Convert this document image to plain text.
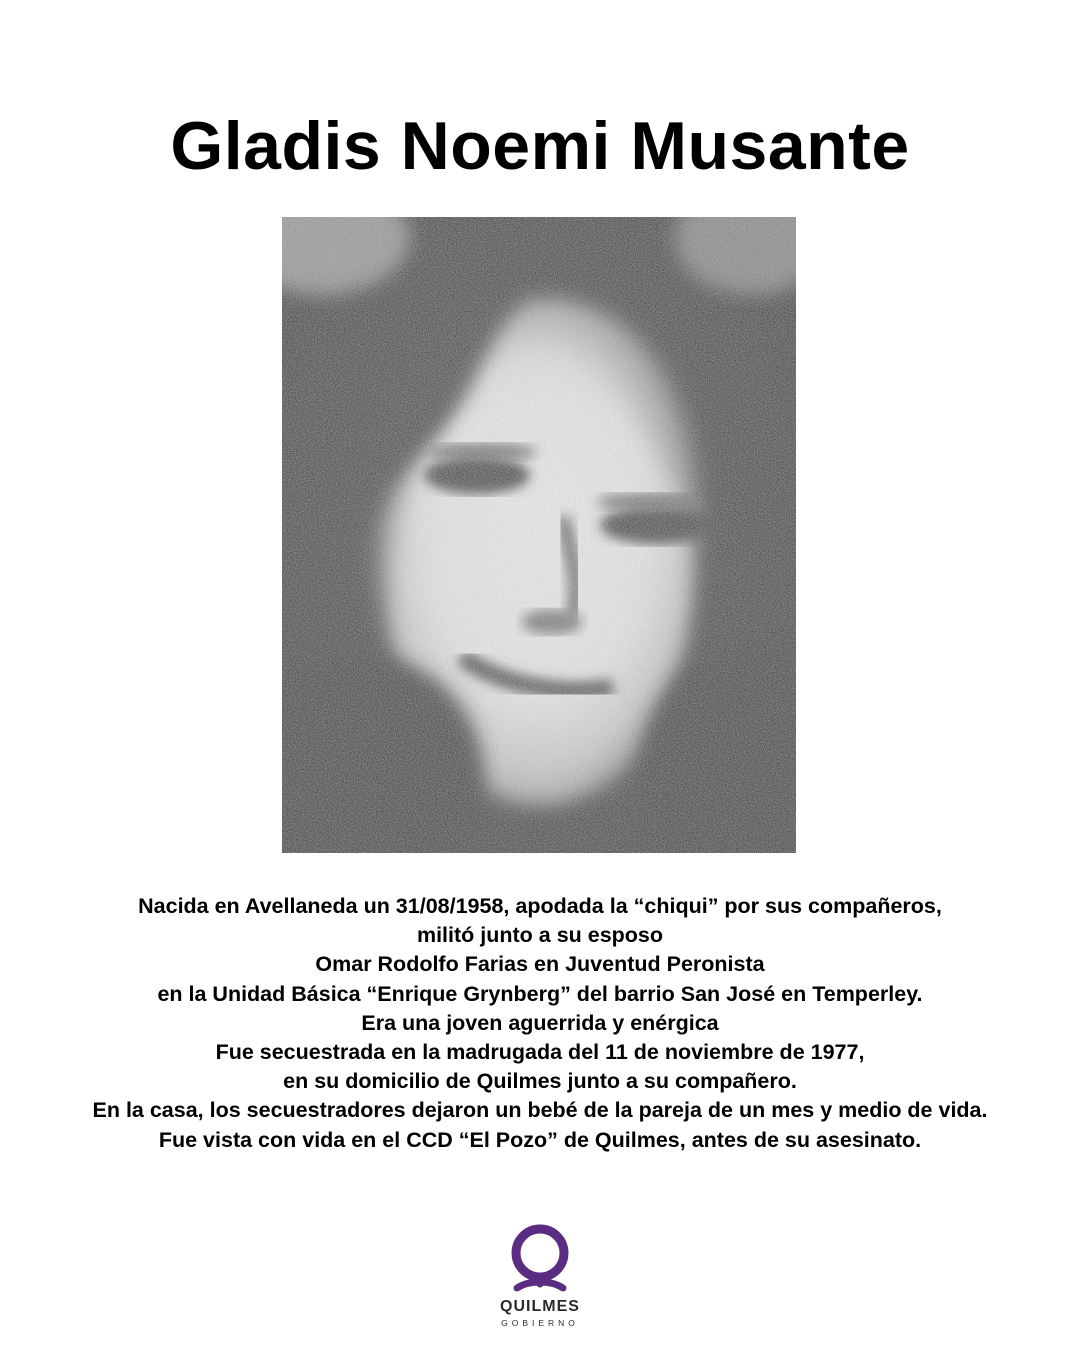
Gladis Noemi Musante
Nacida en Avellaneda un 31/08/1958, apodada la “chiqui” por sus compañeros,
militó junto a su esposo
Omar Rodolfo Farias en Juventud Peronista
en la Unidad Básica “Enrique Grynberg” del barrio San José en Temperley.
Era una joven aguerrida y enérgica
Fue secuestrada en la madrugada del 11 de noviembre de 1977,
en su domicilio de Quilmes junto a su compañero.
En la casa, los secuestradores dejaron un bebé de la pareja de un mes y medio de vida.
Fue vista con vida en el CCD “El Pozo” de Quilmes, antes de su asesinato.
QUILMES
GOBIERNO
